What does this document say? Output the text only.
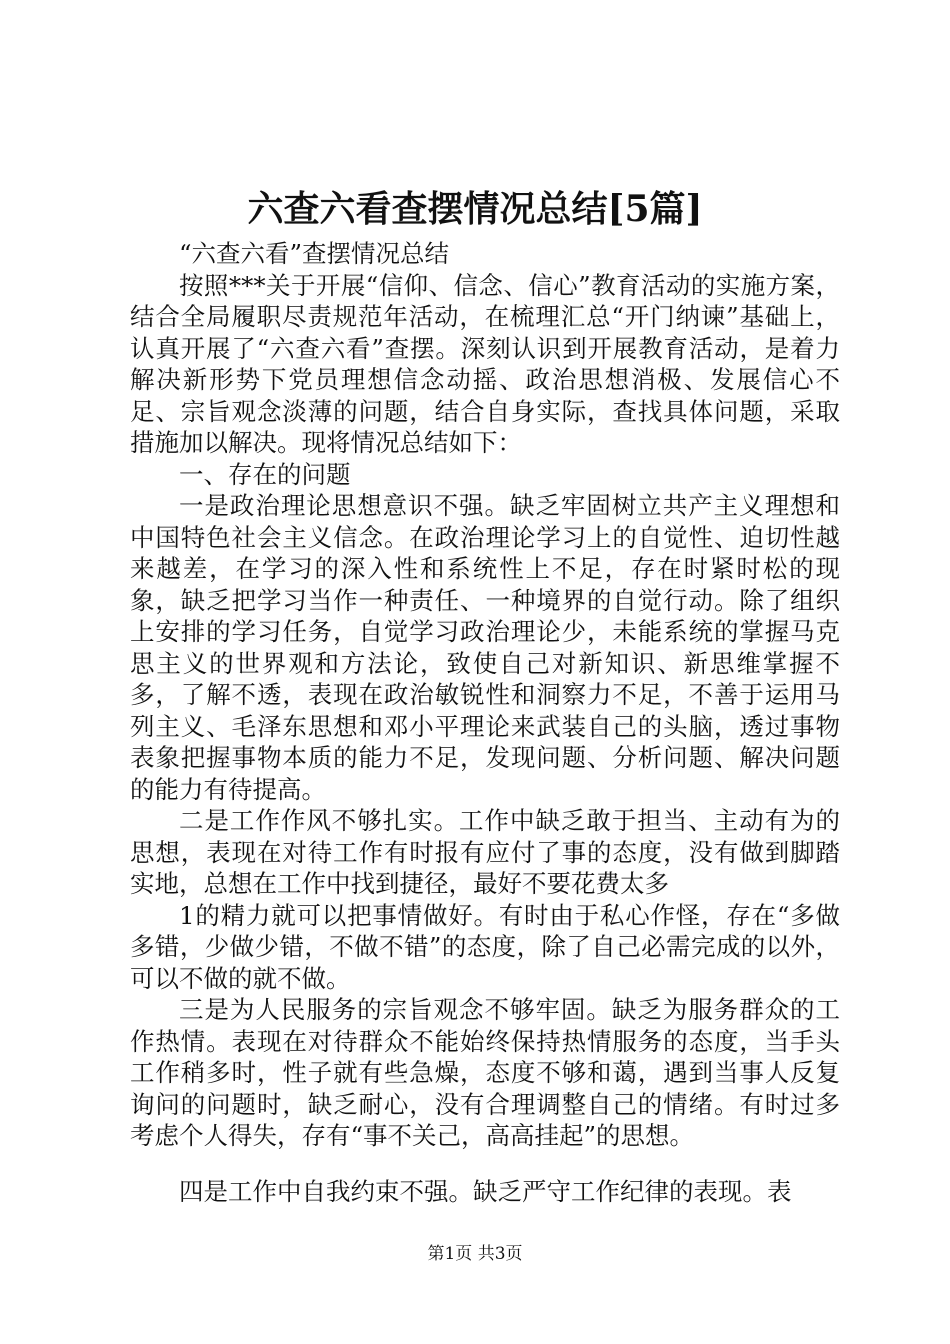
六查六看查摆情况总结[5篇]

“六查六看”查摆情况总结

按照***关于开展“信仰、信念、信心”教育活动的实施方案，结合全局履职尽责规范年活动，在梳理汇总“开门纳谏”基础上，认真开展了“六查六看”查摆。深刻认识到开展教育活动，是着力解决新形势下党员理想信念动摇、政治思想消极、发展信心不足、宗旨观念淡薄的问题，结合自身实际，查找具体问题，采取措施加以解决。现将情况总结如下：

一、存在的问题

一是政治理论思想意识不强。缺乏牢固树立共产主义理想和中国特色社会主义信念。在政治理论学习上的自觉性、迫切性越来越差，在学习的深入性和系统性上不足，存在时紧时松的现象，缺乏把学习当作一种责任、一种境界的自觉行动。除了组织上安排的学习任务，自觉学习政治理论少，未能系统的掌握马克思主义的世界观和方法论，致使自己对新知识、新思维掌握不多，了解不透，表现在政治敏锐性和洞察力不足，不善于运用马列主义、毛泽东思想和邓小平理论来武装自己的头脑，透过事物表象把握事物本质的能力不足，发现问题、分析问题、解决问题的能力有待提高。

二是工作作风不够扎实。工作中缺乏敢于担当、主动有为的思想，表现在对待工作有时报有应付了事的态度，没有做到脚踏实地，总想在工作中找到捷径，最好不要花费太多

1的精力就可以把事情做好。有时由于私心作怪，存在“多做多错，少做少错，不做不错”的态度，除了自己必需完成的以外，可以不做的就不做。

三是为人民服务的宗旨观念不够牢固。缺乏为服务群众的工作热情。表现在对待群众不能始终保持热情服务的态度，当手头工作稍多时，性子就有些急燥，态度不够和蔼，遇到当事人反复询问的问题时，缺乏耐心，没有合理调整自己的情绪。有时过多考虑个人得失，存有“事不关己，高高挂起”的思想。

四是工作中自我约束不强。缺乏严守工作纪律的表现。表

第1页 共3页
